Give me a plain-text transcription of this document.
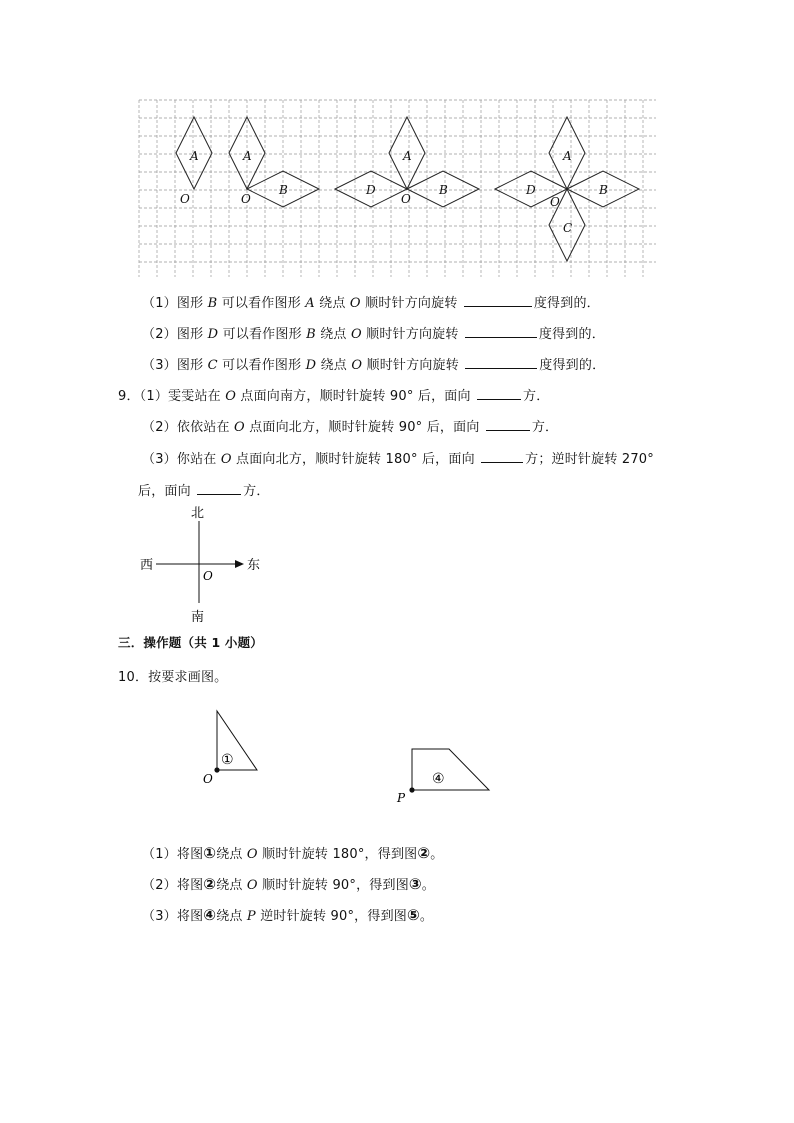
A
O
A
B
O
A
B
D
O
A
B
D
C
O
（1）图形 B 可以看作图形 A 绕点 O 顺时针方向旋转	度得到的．
（2）图形 D 可以看作图形 B 绕点 O 顺时针方向旋转	度得到的．
（3）图形 C 可以看作图形 D 绕点 O 顺时针方向旋转	度得到的．
9．（1）雯雯站在 O 点面向南方，顺时针旋转 90° 后，面向	方．
（2）依依站在 O 点面向北方，顺时针旋转 90° 后，面向	方．
（3）你站在 O 点面向北方，顺时针旋转 180° 后，面向	方；逆时针旋转 270°
后，面向	方．
北
南
西	东
O
三．操作题（共 1 小题）
10．按要求画图。
①
O	④
P
（1）将图①绕点 O 顺时针旋转 180°，得到图②。
（2）将图②绕点 O 顺时针旋转 90°，得到图③。
（3）将图④绕点 P 逆时针旋转 90°，得到图⑤。
